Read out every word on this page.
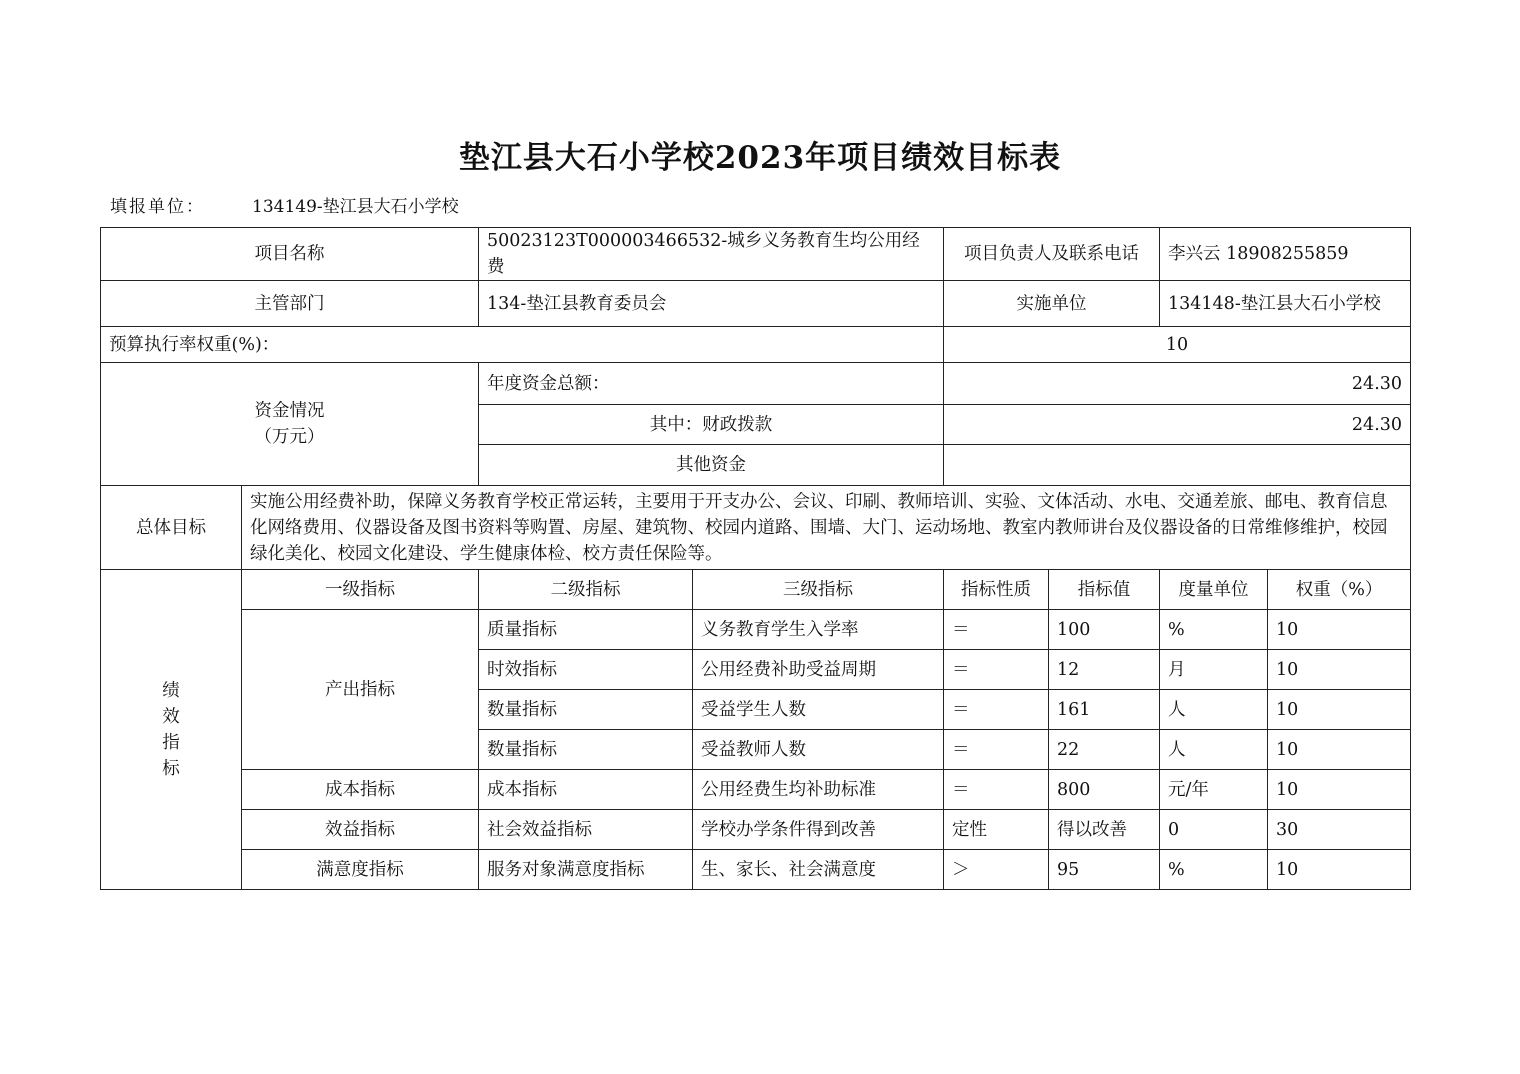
垫江县大石小学校2023年项目绩效目标表
填报单位：	134149-垫江县大石小学校
项目名称		50023123T000003466532-城乡义务教育生均公用经费		项目负责人及联系电话		李兴云 18908255859	
主管部门		134-垫江县教育委员会		实施单位		134148-垫江县大石小学校	
预算执行率权重(%)：				10			

资金情况
（万元）		年度资金总额：		24.30			
		其中：财政拨款		24.30			
		其他资金					
总体目标	实施公用经费补助，保障义务教育学校正常运转，主要用于开支办公、会议、印刷、教师培训、实验、文体活动、水电、交通差旅、邮电、教育信息化网络费用、仪器设备及图书资料等购置、房屋、建筑物、校园内道路、围墙、大门、运动场地、教室内教师讲台及仪器设备的日常维修维护，校园绿化美化、校园文化建设、学生健康体检、校方责任保险等。						

绩
效
指
标	一级指标	二级指标	三级指标	指标性质	指标值	度量单位	权重（%）
	产出指标	质量指标	义务教育学生入学率	＝	100	%	10
		时效指标	公用经费补助受益周期	＝	12	月	10
		数量指标	受益学生人数	＝	161	人	10
		数量指标	受益教师人数	＝	22	人	10
	成本指标	成本指标	公用经费生均补助标准	＝	800	元/年	10
	效益指标	社会效益指标	学校办学条件得到改善	定性	得以改善	0	30
	满意度指标	服务对象满意度指标	生、家长、社会满意度	＞	95	%	10
